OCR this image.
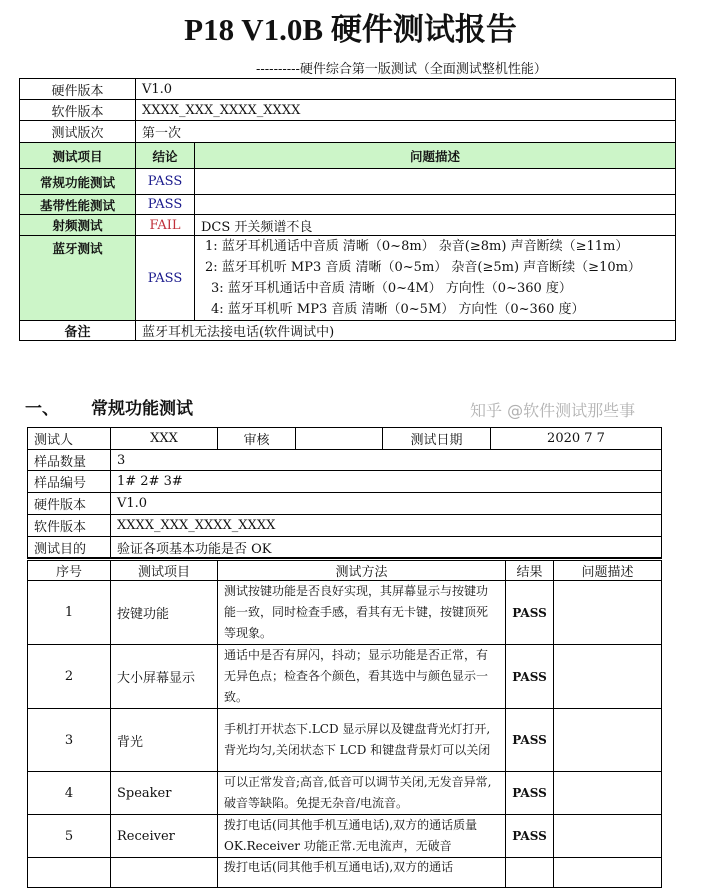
P18 V1.0B 硬件测试报告
----------硬件综合第一版测试（全面测试整机性能）
硬件版本	V1.0	
软件版本	XXXX_XXX_XXXX_XXXX	
测试版次	第一次	
测试项目	结论	问题描述
常规功能测试	PASS	
基带性能测试	PASS	
射频测试	FAIL	DCS 开关频谱不良
蓝牙测试	PASS	1: 蓝牙耳机通话中音质 清晰（0~8m） 杂音(≥8m) 声音断续（≥11m）
2: 蓝牙耳机听 MP3 音质 清晰（0~5m） 杂音(≥5m) 声音断续（≥10m）
3: 蓝牙耳机通话中音质 清晰（0~4M） 方向性（0~360 度）
4: 蓝牙耳机听 MP3 音质 清晰（0~5M） 方向性（0~360 度）

备注	蓝牙耳机无法接电话(软件调试中)	
一、 常规功能测试	知乎 @软件测试那些事
测试人	XXX	审核		测试日期	2020 7 7
样品数量	3				
样品编号	1# 2# 3#				
硬件版本	V1.0				
软件版本	XXXX_XXX_XXXX_XXXX				
测试目的	验证各项基本功能是否 OK				
序号	测试项目	测试方法	结果	问题描述
1	按键功能	测试按键功能是否良好实现，其屏幕显示与按键功能一致，同时检查手感，看其有无卡键，按键顶死等现象。	PASS	
2	大小屏幕显示	通话中是否有屏闪，抖动；显示功能是否正常，有无异色点；检查各个颜色，看其选中与颜色显示一致。	PASS	
3	背光	手机打开状态下.LCD 显示屏以及键盘背光灯打开,背光均匀,关闭状态下 LCD 和键盘背景灯可以关闭	PASS	
4	Speaker	可以正常发音;高音,低音可以调节关闭,无发音异常,破音等缺陷。免提无杂音/电流音。	PASS	
5	Receiver	拨打电话(同其他手机互通电话),双方的通话质量 OK.Receiver 功能正常.无电流声，无破音	PASS	
		拨打电话(同其他手机互通电话),双方的通话		
